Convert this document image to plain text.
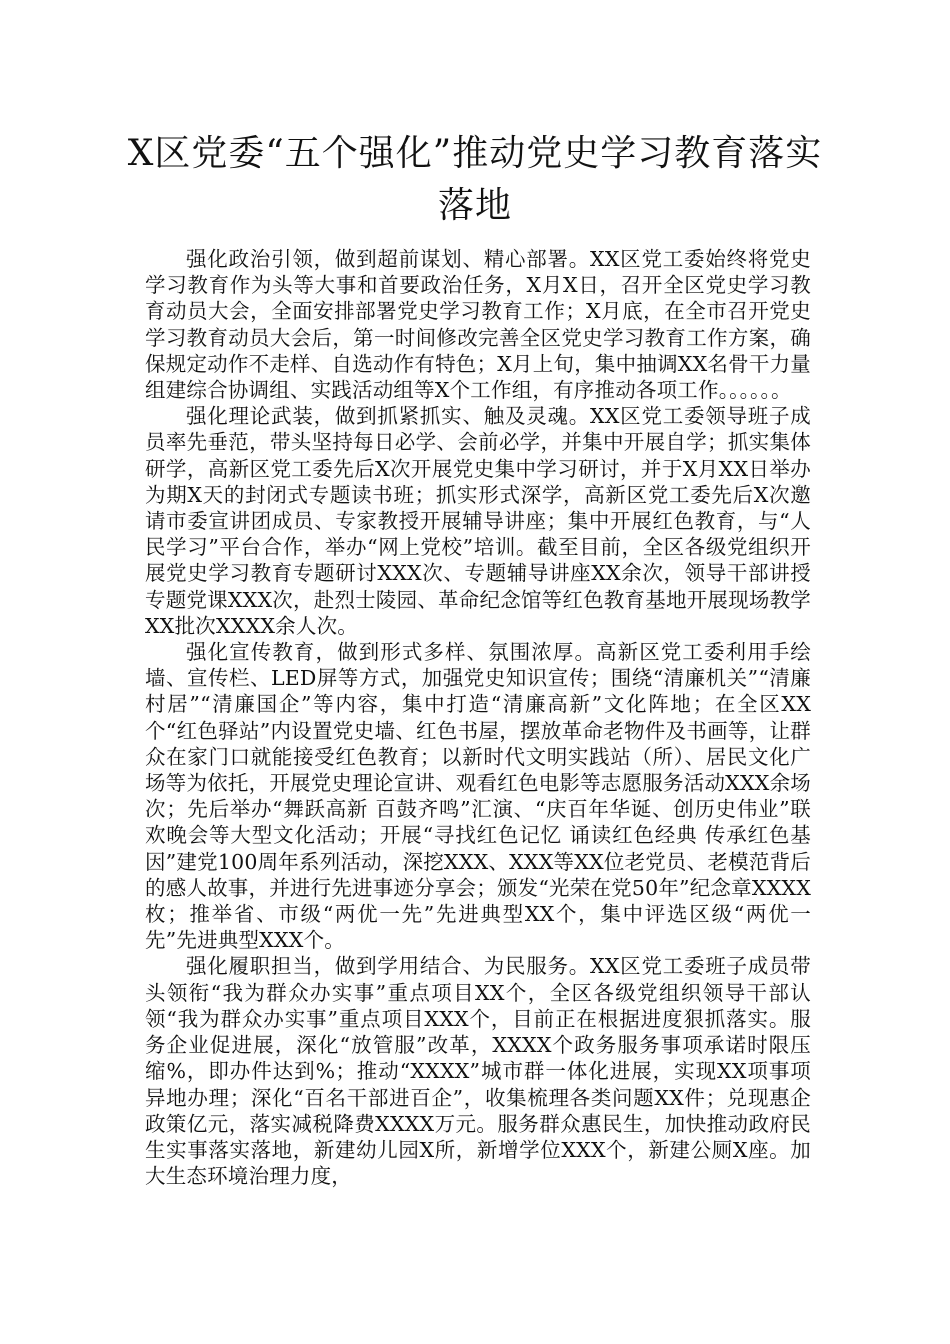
X区党委“五个强化”推动党史学习教育落实落地

强化政治引领，做到超前谋划、精心部署。XX区党工委始终将党史学习教育作为头等大事和首要政治任务，X月X日，召开全区党史学习教育动员大会，全面安排部署党史学习教育工作；X月底，在全市召开党史学习教育动员大会后，第一时间修改完善全区党史学习教育工作方案，确保规定动作不走样、自选动作有特色；X月上旬，集中抽调XX名骨干力量组建综合协调组、实践活动组等X个工作组，有序推动各项工作。。。。。。

强化理论武装，做到抓紧抓实、触及灵魂。XX区党工委领导班子成员率先垂范，带头坚持每日必学、会前必学，并集中开展自学；抓实集体研学，高新区党工委先后X次开展党史集中学习研讨，并于X月XX日举办为期X天的封闭式专题读书班；抓实形式深学，高新区党工委先后X次邀请市委宣讲团成员、专家教授开展辅导讲座；集中开展红色教育，与“人民学习”平台合作，举办“网上党校”培训。截至目前，全区各级党组织开展党史学习教育专题研讨XXX次、专题辅导讲座XX余次，领导干部讲授专题党课XXX次，赴烈士陵园、革命纪念馆等红色教育基地开展现场教学XX批次XXXX余人次。

强化宣传教育，做到形式多样、氛围浓厚。高新区党工委利用手绘墙、宣传栏、LED屏等方式，加强党史知识宣传；围绕“清廉机关”“清廉村居”“清廉国企”等内容，集中打造“清廉高新”文化阵地；在全区XX个“红色驿站”内设置党史墙、红色书屋，摆放革命老物件及书画等，让群众在家门口就能接受红色教育；以新时代文明实践站（所）、居民文化广场等为依托，开展党史理论宣讲、观看红色电影等志愿服务活动XXX余场次；先后举办“舞跃高新 百鼓齐鸣”汇演、“庆百年华诞、创历史伟业”联欢晚会等大型文化活动；开展“寻找红色记忆 诵读红色经典 传承红色基因”建党100周年系列活动，深挖XXX、XXX等XX位老党员、老模范背后的感人故事，并进行先进事迹分享会；颁发“光荣在党50年”纪念章XXXX枚；推举省、市级“两优一先”先进典型XX个，集中评选区级“两优一先”先进典型XXX个。

强化履职担当，做到学用结合、为民服务。XX区党工委班子成员带头领衔“我为群众办实事”重点项目XX个，全区各级党组织领导干部认领“我为群众办实事”重点项目XXX个，目前正在根据进度狠抓落实。服务企业促进展，深化“放管服”改革，XXXX个政务服务事项承诺时限压缩%，即办件达到%；推动“XXXX”城市群一体化进展，实现XX项事项异地办理；深化“百名干部进百企”，收集梳理各类问题XX件；兑现惠企政策亿元，落实减税降费XXXX万元。服务群众惠民生，加快推动政府民生实事落实落地，新建幼儿园X所，新增学位XXX个，新建公厕X座。加大生态环境治理力度，
